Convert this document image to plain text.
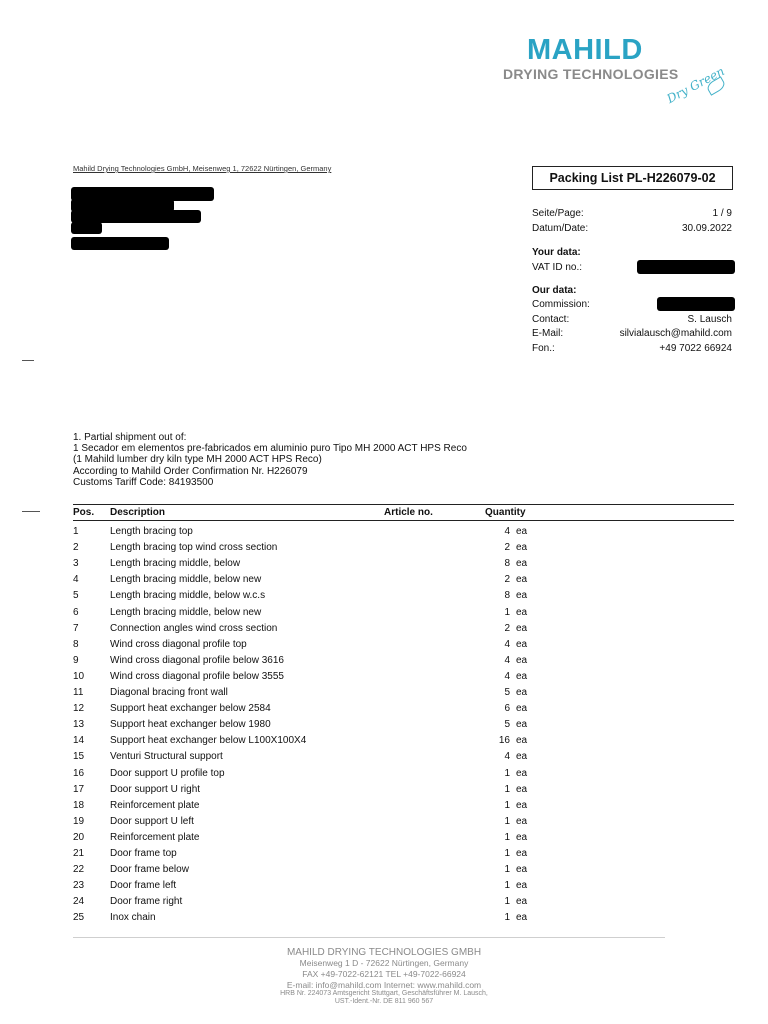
MAHILD
DRYING TECHNOLOGIES
Dry Green
Mahild Drying Technologies GmbH, Meisenweg 1, 72622 Nürtingen, Germany
Packing List PL-H226079-02
Seite/Page:	1 / 9
Datum/Date:	30.09.2022
Your data:
VAT ID no.:
Our data:
Commission:
Contact:	S. Lausch
E-Mail:	silvialausch@mahild.com
Fon.:	+49 7022 66924
1. Partial shipment out of:
1 Secador em elementos pre-fabricados em aluminio puro Tipo MH 2000 ACT HPS Reco
(1 Mahild lumber dry kiln type MH 2000 ACT HPS Reco)
According to Mahild Order Confirmation Nr. H226079
Customs Tariff Code: 84193500
Pos. Description	Article no.	Quantity
1	Length bracing top	4 ea
2	Length bracing top wind cross section	2 ea
3	Length bracing middle, below	8 ea
4	Length bracing middle, below new	2 ea
5	Length bracing middle, below w.c.s	8 ea
6	Length bracing middle, below new	1 ea
7	Connection angles wind cross section	2 ea
8	Wind cross diagonal profile top	4 ea
9	Wind cross diagonal profile below 3616	4 ea
10	Wind cross diagonal profile below 3555	4 ea
11	Diagonal bracing front wall	5 ea
12	Support heat exchanger below 2584	6 ea
13	Support heat exchanger below 1980	5 ea
14	Support heat exchanger below L100X100X4	16 ea
15	Venturi Structural support	4 ea
16	Door support U profile top	1 ea
17	Door support U right	1 ea
18	Reinforcement plate	1 ea
19	Door support U left	1 ea
20	Reinforcement plate	1 ea
21	Door frame top	1 ea
22	Door frame below	1 ea
23	Door frame left	1 ea
24	Door frame right	1 ea
25	Inox chain	1 ea
MAHILD DRYING TECHNOLOGIES GMBH
Meisenweg 1 D - 72622 Nürtingen, Germany
FAX +49-7022-62121 TEL +49-7022-66924
E-mail: info@mahild.com Internet: www.mahild.com
HRB Nr. 224073 Amtsgericht Stuttgart, Geschäftsführer M. Lausch,
UST.-Ident.-Nr. DE 811 960 567
